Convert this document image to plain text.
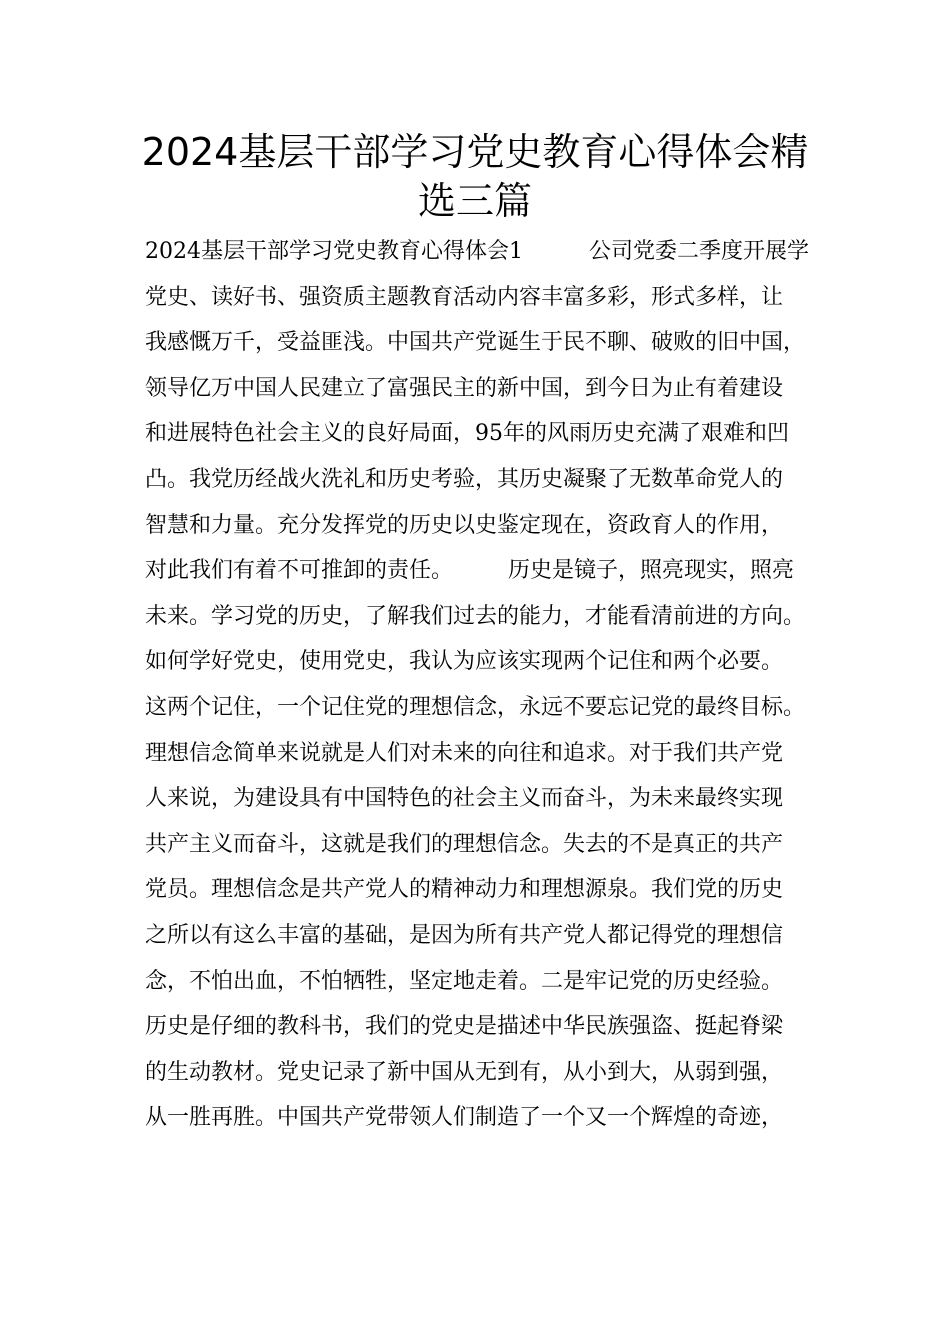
2024基层干部学习党史教育心得体会精
选三篇
2024基层干部学习党史教育心得体会1　　　公司党委二季度开展学
党史、读好书、强资质主题教育活动内容丰富多彩，形式多样，让
我感慨万千，受益匪浅。中国共产党诞生于民不聊、破败的旧中国，
领导亿万中国人民建立了富强民主的新中国，到今日为止有着建设
和进展特色社会主义的良好局面，95年的风雨历史充满了艰难和凹
凸。我党历经战火洗礼和历史考验，其历史凝聚了无数革命党人的
智慧和力量。充分发挥党的历史以史鉴定现在，资政育人的作用，
对此我们有着不可推卸的责任。　　　历史是镜子，照亮现实，照亮
未来。学习党的历史，了解我们过去的能力，才能看清前进的方向。
如何学好党史，使用党史，我认为应该实现两个记住和两个必要。
这两个记住，一个记住党的理想信念，永远不要忘记党的最终目标。
理想信念简单来说就是人们对未来的向往和追求。对于我们共产党
人来说，为建设具有中国特色的社会主义而奋斗，为未来最终实现
共产主义而奋斗，这就是我们的理想信念。失去的不是真正的共产
党员。理想信念是共产党人的精神动力和理想源泉。我们党的历史
之所以有这么丰富的基础，是因为所有共产党人都记得党的理想信
念，不怕出血，不怕牺牲，坚定地走着。二是牢记党的历史经验。
历史是仔细的教科书，我们的党史是描述中华民族强盗、挺起脊梁
的生动教材。党史记录了新中国从无到有，从小到大，从弱到强，
从一胜再胜。中国共产党带领人们制造了一个又一个辉煌的奇迹，
